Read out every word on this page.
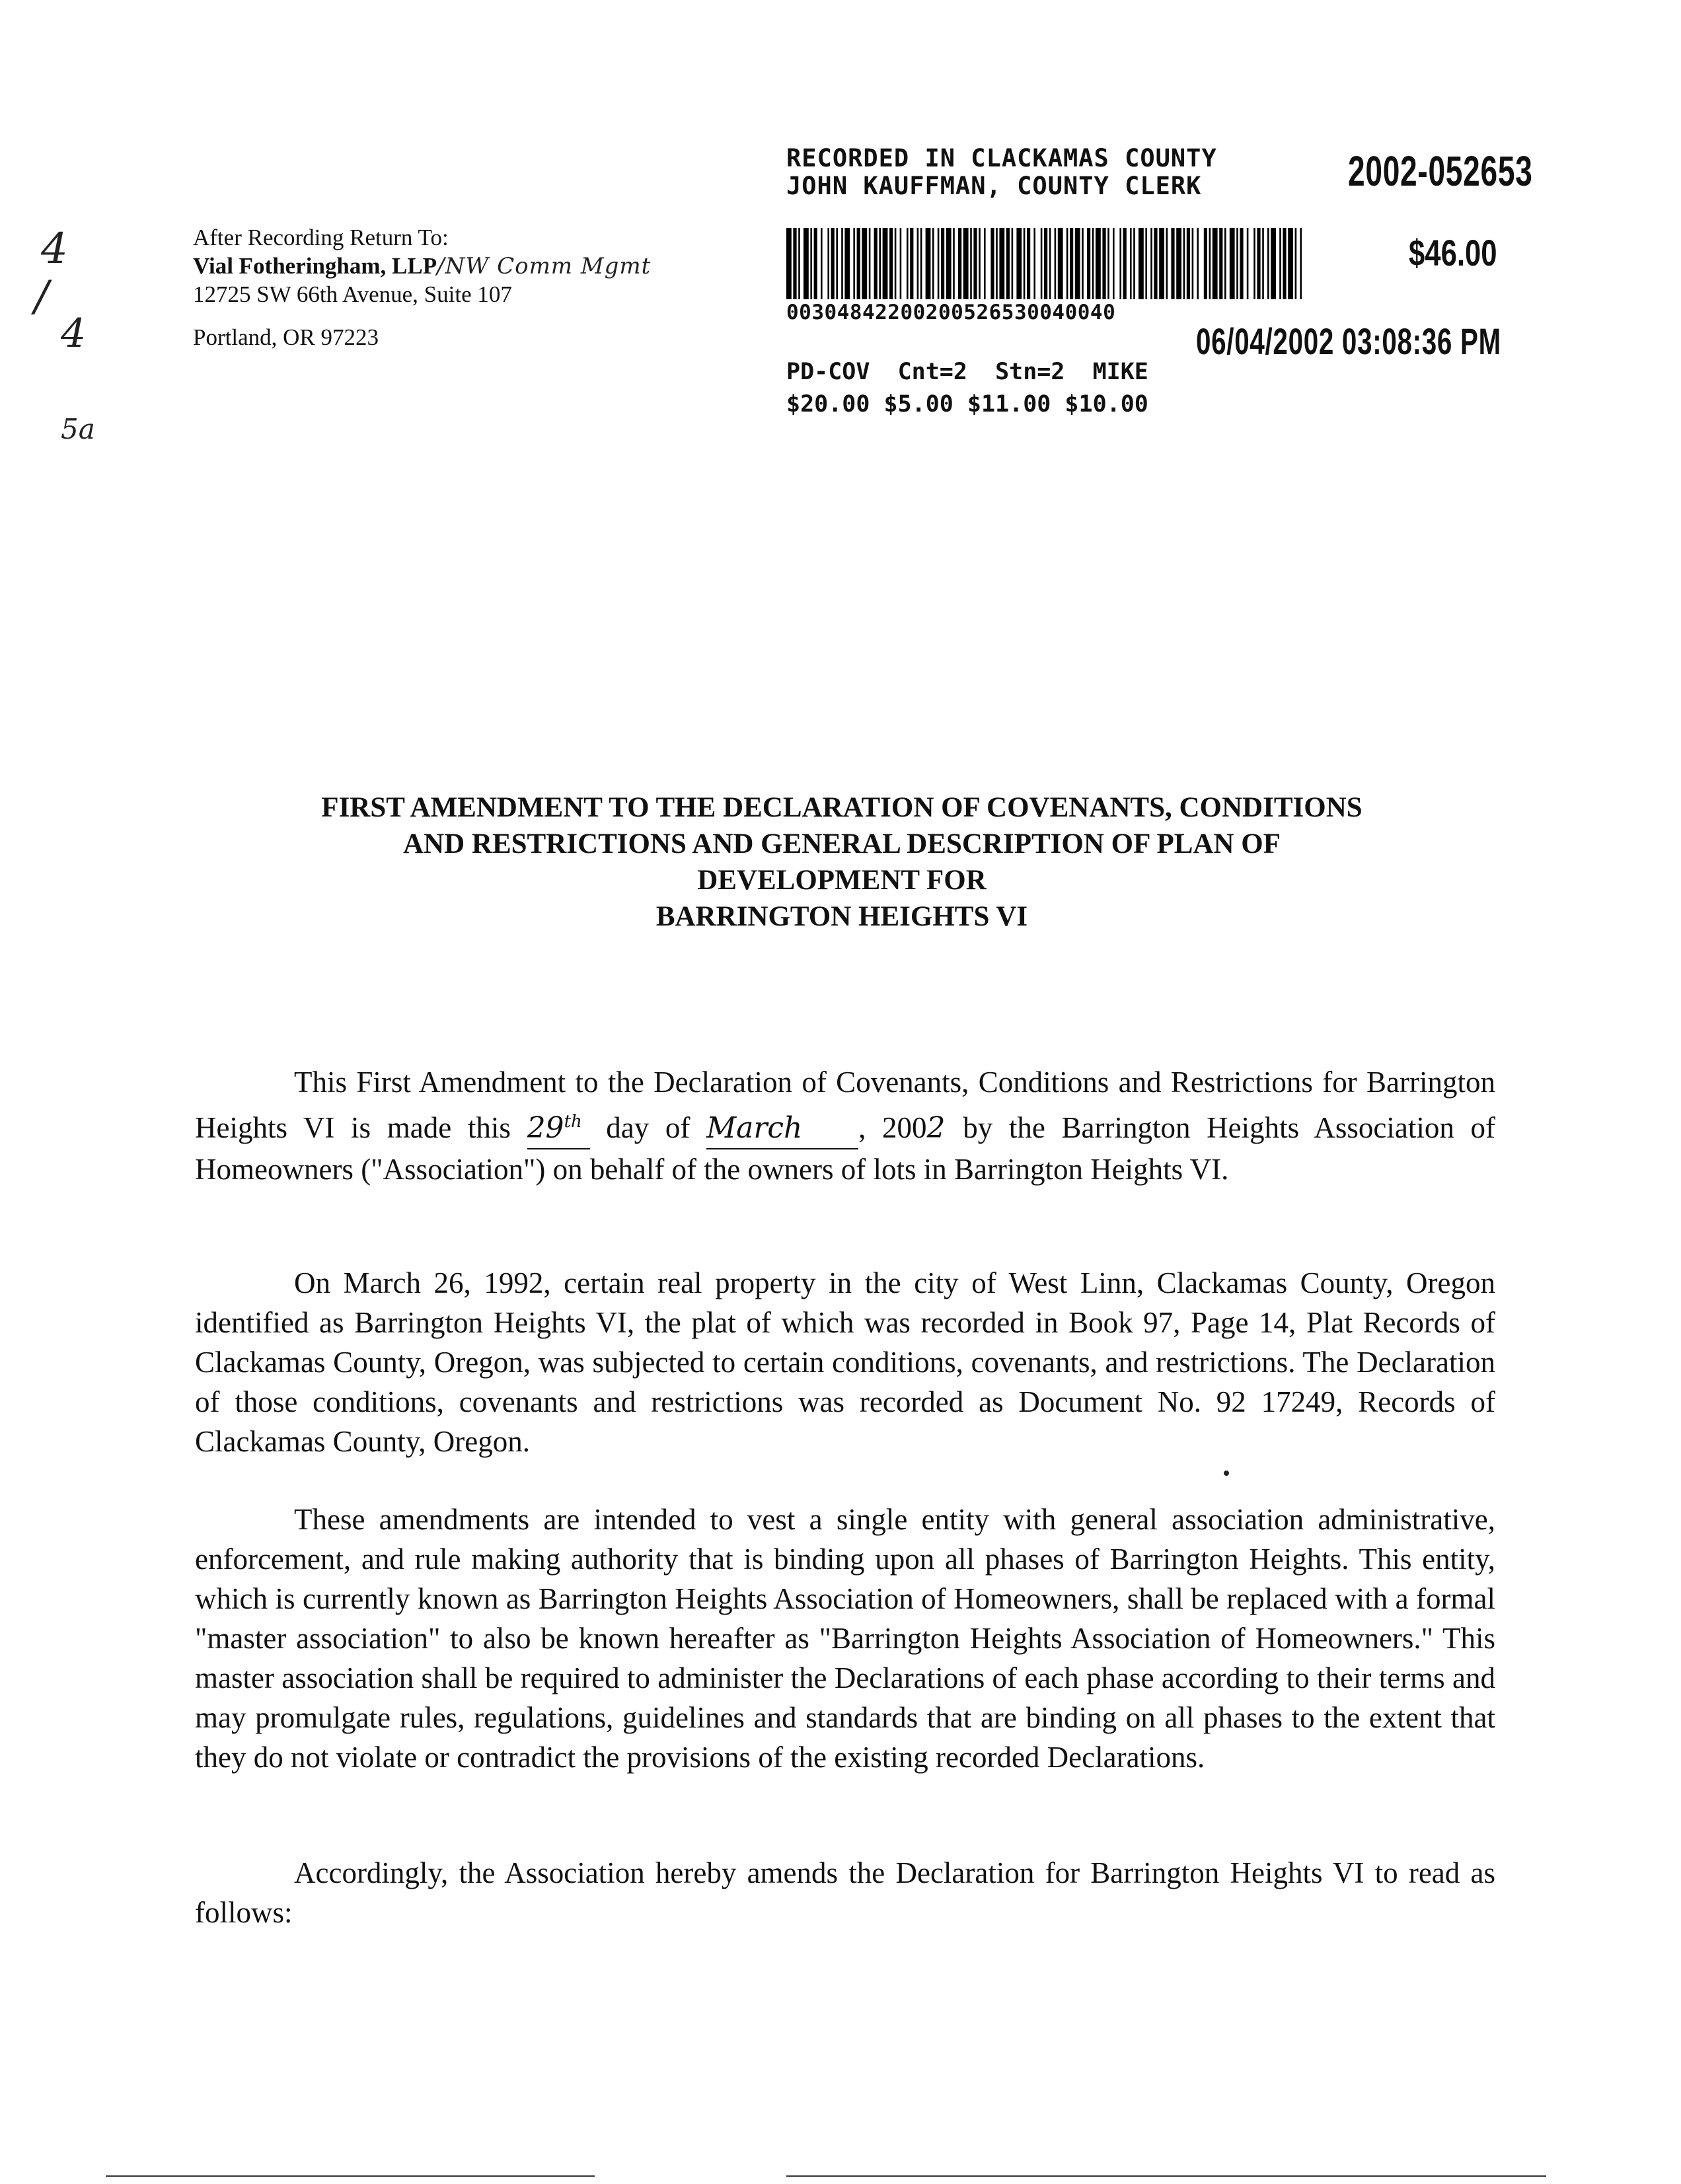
RECORDED IN CLACKAMAS COUNTY
JOHN KAUFFMAN, COUNTY CLERK	2002-052653
$46.00
00304842200200526530040040
06/04/2002 03:08:36 PM
PD-COV  Cnt=2  Stn=2  MIKE
$20.00 $5.00 $11.00 $10.00
4
/
4
5a
After Recording Return To:
Vial Fotheringham, LLP/NW Comm Mgmt
12725 SW 66th Avenue, Suite 107
Portland, OR 97223
FIRST AMENDMENT TO THE DECLARATION OF COVENANTS, CONDITIONS
AND RESTRICTIONS AND GENERAL DESCRIPTION OF PLAN OF
DEVELOPMENT FOR
BARRINGTON HEIGHTS VI

This First Amendment to the Declaration of Covenants, Conditions and Restrictions for Barrington Heights VI is made this 29th day of March , 2002 by the Barrington Heights Association of Homeowners ("Association") on behalf of the owners of lots in Barrington Heights VI.

On March 26, 1992, certain real property in the city of West Linn, Clackamas County, Oregon identified as Barrington Heights VI, the plat of which was recorded in Book 97, Page 14, Plat Records of Clackamas County, Oregon, was subjected to certain conditions, covenants, and restrictions. The Declaration of those conditions, covenants and restrictions was recorded as Document No. 92 17249, Records of Clackamas County, Oregon.

These amendments are intended to vest a single entity with general association administrative, enforcement, and rule making authority that is binding upon all phases of Barrington Heights. This entity, which is currently known as Barrington Heights Association of Homeowners, shall be replaced with a formal "master association" to also be known hereafter as "Barrington Heights Association of Homeowners." This master association shall be required to administer the Declarations of each phase according to their terms and may promulgate rules, regulations, guidelines and standards that are binding on all phases to the extent that they do not violate or contradict the provisions of the existing recorded Declarations.

Accordingly, the Association hereby amends the Declaration for Barrington Heights VI to read as follows:
